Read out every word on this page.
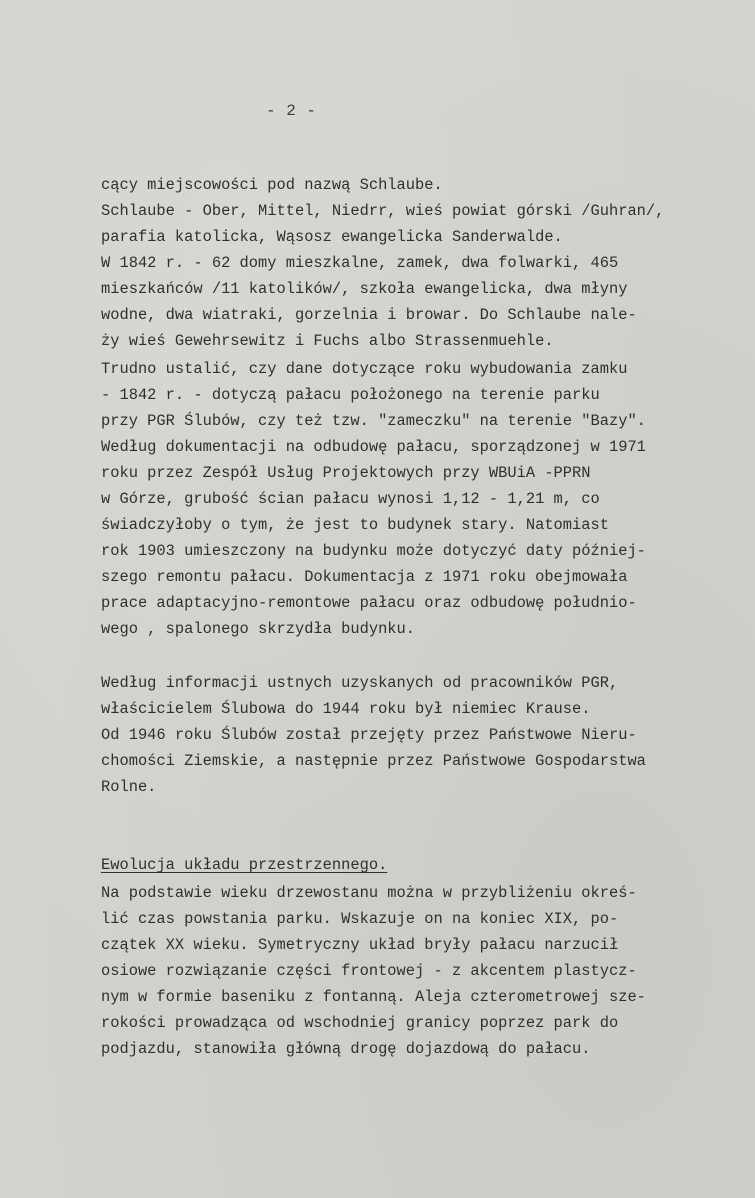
- 2 -
cący miejscowości pod nazwą Schlaube.
Schlaube - Ober, Mittel, Niedrr, wieś powiat górski /Guhran/,
parafia katolicka, Wąsosz ewangelicka Sanderwalde.
W 1842 r. - 62 domy mieszkalne, zamek, dwa folwarki, 465
mieszkańców /11 katolików/, szkoła ewangelicka, dwa młyny
wodne, dwa wiatraki, gorzelnia i browar. Do Schlaube nale-
ży wieś Gewehrsewitz i Fuchs albo Strassenmuehle.
Trudno ustalić, czy dane dotyczące roku wybudowania zamku
- 1842 r. - dotyczą pałacu położonego na terenie parku
przy PGR Ślubów, czy też tzw. "zameczku" na terenie "Bazy".
Według dokumentacji na odbudowę pałacu, sporządzonej w 1971
roku przez Zespół Usług Projektowych przy WBUiA -PPRN
w Górze, grubość ścian pałacu wynosi 1,12 - 1,21 m, co
świadczyłoby o tym, że jest to budynek stary. Natomiast
rok 1903 umieszczony na budynku może dotyczyć daty później-
szego remontu pałacu. Dokumentacja z 1971 roku obejmowała
prace adaptacyjno-remontowe pałacu oraz odbudowę południo-
wego , spalonego skrzydła budynku.
Według informacji ustnych uzyskanych od pracowników PGR,
właścicielem Ślubowa do 1944 roku był niemiec Krause.
Od 1946 roku Ślubów został przejęty przez Państwowe Nieru-
chomości Ziemskie, a następnie przez Państwowe Gospodarstwa
Rolne.
Ewolucja układu przestrzennego.
Na podstawie wieku drzewostanu można w przybliżeniu okreś-
lić czas powstania parku. Wskazuje on na koniec XIX, po-
czątek XX wieku. Symetryczny układ bryły pałacu narzucił
osiowe rozwiązanie części frontowej - z akcentem plastycz-
nym w formie baseniku z fontanną. Aleja czterometrowej sze-
rokości prowadząca od wschodniej granicy poprzez park do
podjazdu, stanowiła główną drogę dojazdową do pałacu.
